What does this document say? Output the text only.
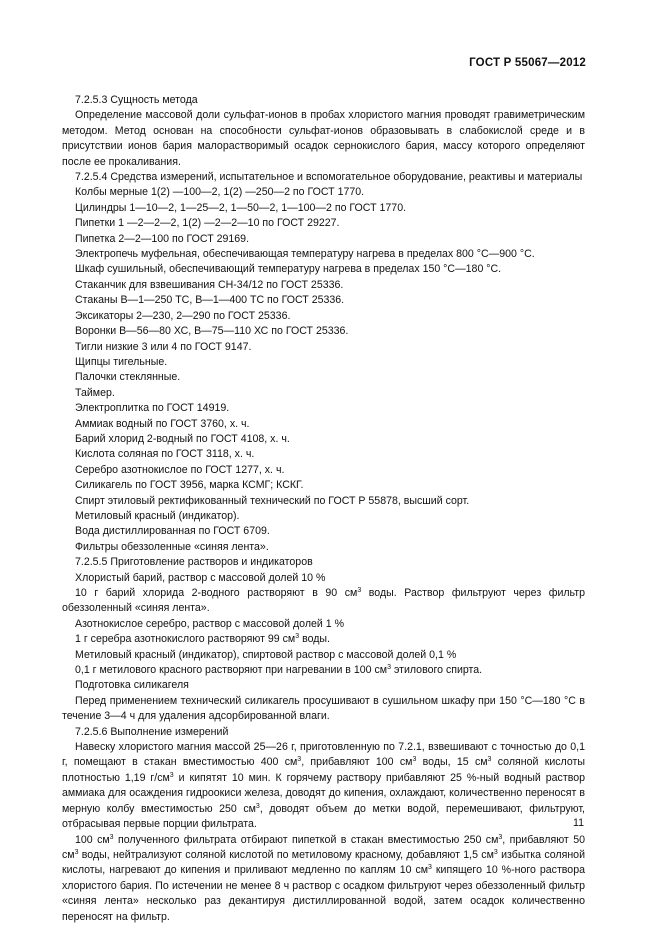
ГОСТ Р 55067—2012

7.2.5.3 Сущность метода

Определение массовой доли сульфат-ионов в пробах хлористого магния проводят гравиметрическим методом. Метод основан на способности сульфат-ионов образовывать в слабокислой среде и в присутствии ионов бария малорастворимый осадок сернокислого бария, массу которого определяют после ее прокаливания.

7.2.5.4 Средства измерений, испытательное и вспомогательное оборудование, реактивы и материалы

Колбы мерные 1(2) —100—2, 1(2) —250—2 по ГОСТ 1770.

Цилиндры 1—10—2, 1—25—2, 1—50—2, 1—100—2 по ГОСТ 1770.

Пипетки 1 —2—2—2, 1(2) —2—2—10 по ГОСТ 29227.

Пипетка 2—2—100 по ГОСТ 29169.

Электропечь муфельная, обеспечивающая температуру нагрева в пределах 800 °С—900 °С.

Шкаф сушильный, обеспечивающий температуру нагрева в пределах 150 °С—180 °С.

Стаканчик для взвешивания СН-34/12 по ГОСТ 25336.

Стаканы В—1—250 ТС, В—1—400 ТС по ГОСТ 25336.

Эксикаторы 2—230, 2—290 по ГОСТ 25336.

Воронки В—56—80 ХС, В—75—110 ХС по ГОСТ 25336.

Тигли низкие 3 или 4 по ГОСТ 9147.

Щипцы тигельные.

Палочки стеклянные.

Таймер.

Электроплитка по ГОСТ 14919.

Аммиак водный по ГОСТ 3760, х. ч.

Барий хлорид 2-водный по ГОСТ 4108, х. ч.

Кислота соляная по ГОСТ 3118, х. ч.

Серебро азотнокислое по ГОСТ 1277, х. ч.

Силикагель по ГОСТ 3956, марка КСМГ; КСКГ.

Спирт этиловый ректификованный технический по ГОСТ Р 55878, высший сорт.

Метиловый красный (индикатор).

Вода дистиллированная по ГОСТ 6709.

Фильтры обеззоленные «синяя лента».

7.2.5.5 Приготовление растворов и индикаторов

Хлористый барий, раствор с массовой долей 10 %

10 г барий хлорида 2-водного растворяют в 90 $см^3$ воды. Раствор фильтруют через фильтр обеззоленный «синяя лента».

Азотнокислое серебро, раствор с массовой долей 1 %

1 г серебра азотнокислого растворяют 99 $см^3$ воды.

Метиловый красный (индикатор), спиртовой раствор с массовой долей 0,1 %

0,1 г метилового красного растворяют при нагревании в 100 $см^3$ этилового спирта.

Подготовка силикагеля

Перед применением технический силикагель просушивают в сушильном шкафу при 150 °С—180 °С в течение 3—4 ч для удаления адсорбированной влаги.

7.2.5.6 Выполнение измерений

Навеску хлористого магния массой 25—26 г, приготовленную по 7.2.1, взвешивают с точностью до 0,1 г, помещают в стакан вместимостью 400 $см^3$, прибавляют 100 $см^3$ воды, 15 $см^3$ соляной кислоты плотностью 1,19 $г/см^3$ и кипятят 10 мин. К горячему раствору прибавляют 25 %-ный водный раствор аммиака для осаждения гидроокиси железа, доводят до кипения, охлаждают, количественно переносят в мерную колбу вместимостью 250 $см^3$, доводят объем до метки водой, перемешивают, фильтруют, отбрасывая первые порции фильтрата.

100 $см^3$ полученного фильтрата отбирают пипеткой в стакан вместимостью 250 $см^3$, прибавляют 50 $см^3$ воды, нейтрализуют соляной кислотой по метиловому красному, добавляют 1,5 $см^3$ избытка соляной кислоты, нагревают до кипения и приливают медленно по каплям 10 $см^3$ кипящего 10 %-ного раствора хлористого бария. По истечении не менее 8 ч раствор с осадком фильтруют через обеззоленный фильтр «синяя лента» несколько раз декантируя дистиллированной водой, затем осадок количественно переносят на фильтр.

11
